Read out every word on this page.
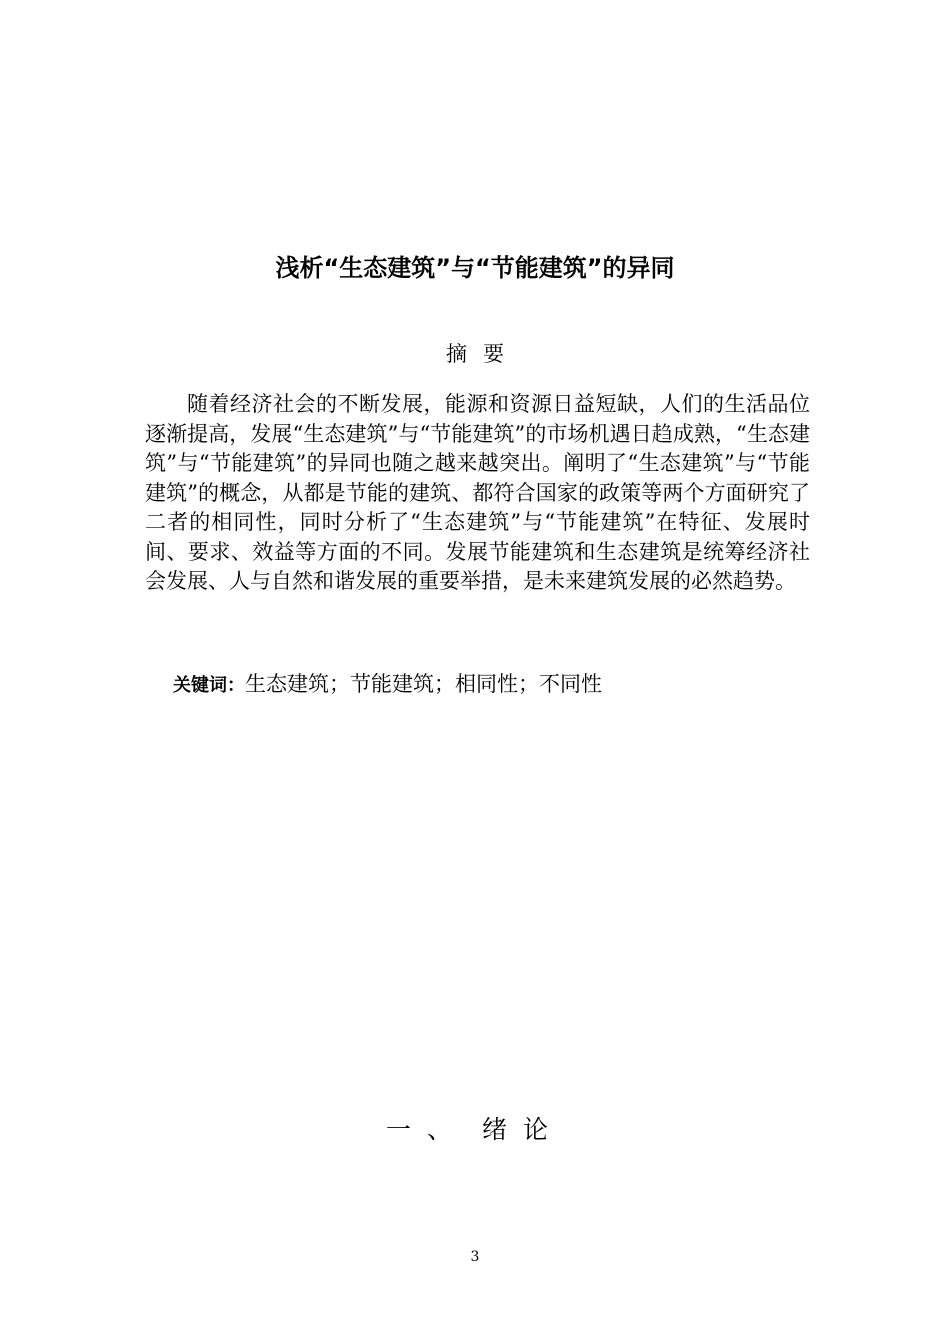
浅析“生态建筑”与“节能建筑”的异同
摘要

随着经济社会的不断发展，能源和资源日益短缺，人们的生活品位逐渐提高，发展“生态建筑”与“节能建筑”的市场机遇日趋成熟，“生态建筑”与“节能建筑”的异同也随之越来越突出。阐明了“生态建筑”与“节能建筑”的概念，从都是节能的建筑、都符合国家的政策等两个方面研究了二者的相同性，同时分析了“生态建筑”与“节能建筑”在特征、发展时间、要求、效益等方面的不同。发展节能建筑和生态建筑是统筹经济社会发展、人与自然和谐发展的重要举措，是未来建筑发展的必然趋势。

关键词：生态建筑；节能建筑；相同性；不同性
一、 绪论
3
